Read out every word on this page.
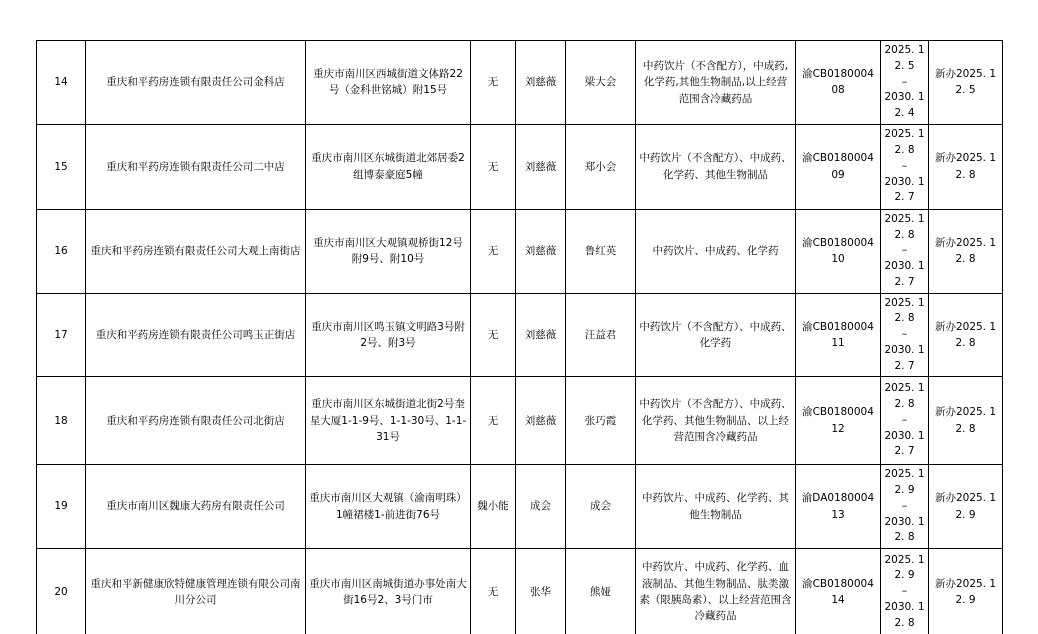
14	重庆和平药房连锁有限责任公司金科店	重庆市南川区西城街道文体路22号（金科世铭城）附15号	无	刘慈薇	梁大会	中药饮片（不含配方），中成药,化学药,其他生物制品,以上经营范围含冷藏药品	渝CB018000408	2025. 12. 5
–
2030. 12. 4	新办2025. 12. 5
15	重庆和平药房连锁有限责任公司二中店	重庆市南川区东城街道北郊居委2组博泰豪庭5幢	无	刘慈薇	郑小会	中药饮片（不含配方）、中成药、化学药、其他生物制品	渝CB018000409	2025. 12. 8
–
2030. 12. 7	新办2025. 12. 8
16	重庆和平药房连锁有限责任公司大观上南街店	重庆市南川区大观镇观桥街12号附9号、附10号	无	刘慈薇	鲁红英	中药饮片、中成药、化学药	渝CB018000410	2025. 12. 8
–
2030. 12. 7	新办2025. 12. 8
17	重庆和平药房连锁有限责任公司鸣玉正街店	重庆市南川区鸣玉镇文明路3号附2号、附3号	无	刘慈薇	汪益君	中药饮片（不含配方）、中成药、化学药	渝CB018000411	2025. 12. 8
–
2030. 12. 7	新办2025. 12. 8
18	重庆和平药房连锁有限责任公司北街店	重庆市南川区东城街道北街2号奎星大厦1-1-9号、1-1-30号、1-1-31号	无	刘慈薇	张巧霞	中药饮片（不含配方）、中成药、化学药、其他生物制品、以上经营范围含冷藏药品	渝CB018000412	2025. 12. 8
–
2030. 12. 7	新办2025. 12. 8
19	重庆市南川区魏康大药房有限责任公司	重庆市南川区大观镇（渝南明珠）1幢裙楼1-前进街76号	魏小能	成会	成会	中药饮片、中成药、化学药、其他生物制品	渝DA018000413	2025. 12. 9
–
2030. 12. 8	新办2025. 12. 9
20	重庆和平新健康欣特健康管理连锁有限公司南川分公司	重庆市南川区南城街道办事处南大街16号2、3号门市	无	张华	熊娅	中药饮片、中成药、化学药、血液制品、其他生物制品、肽类激素（限胰岛素）、以上经营范围含冷藏药品	渝CB018000414	2025. 12. 9
–
2030. 12. 8	新办2025. 12. 9
